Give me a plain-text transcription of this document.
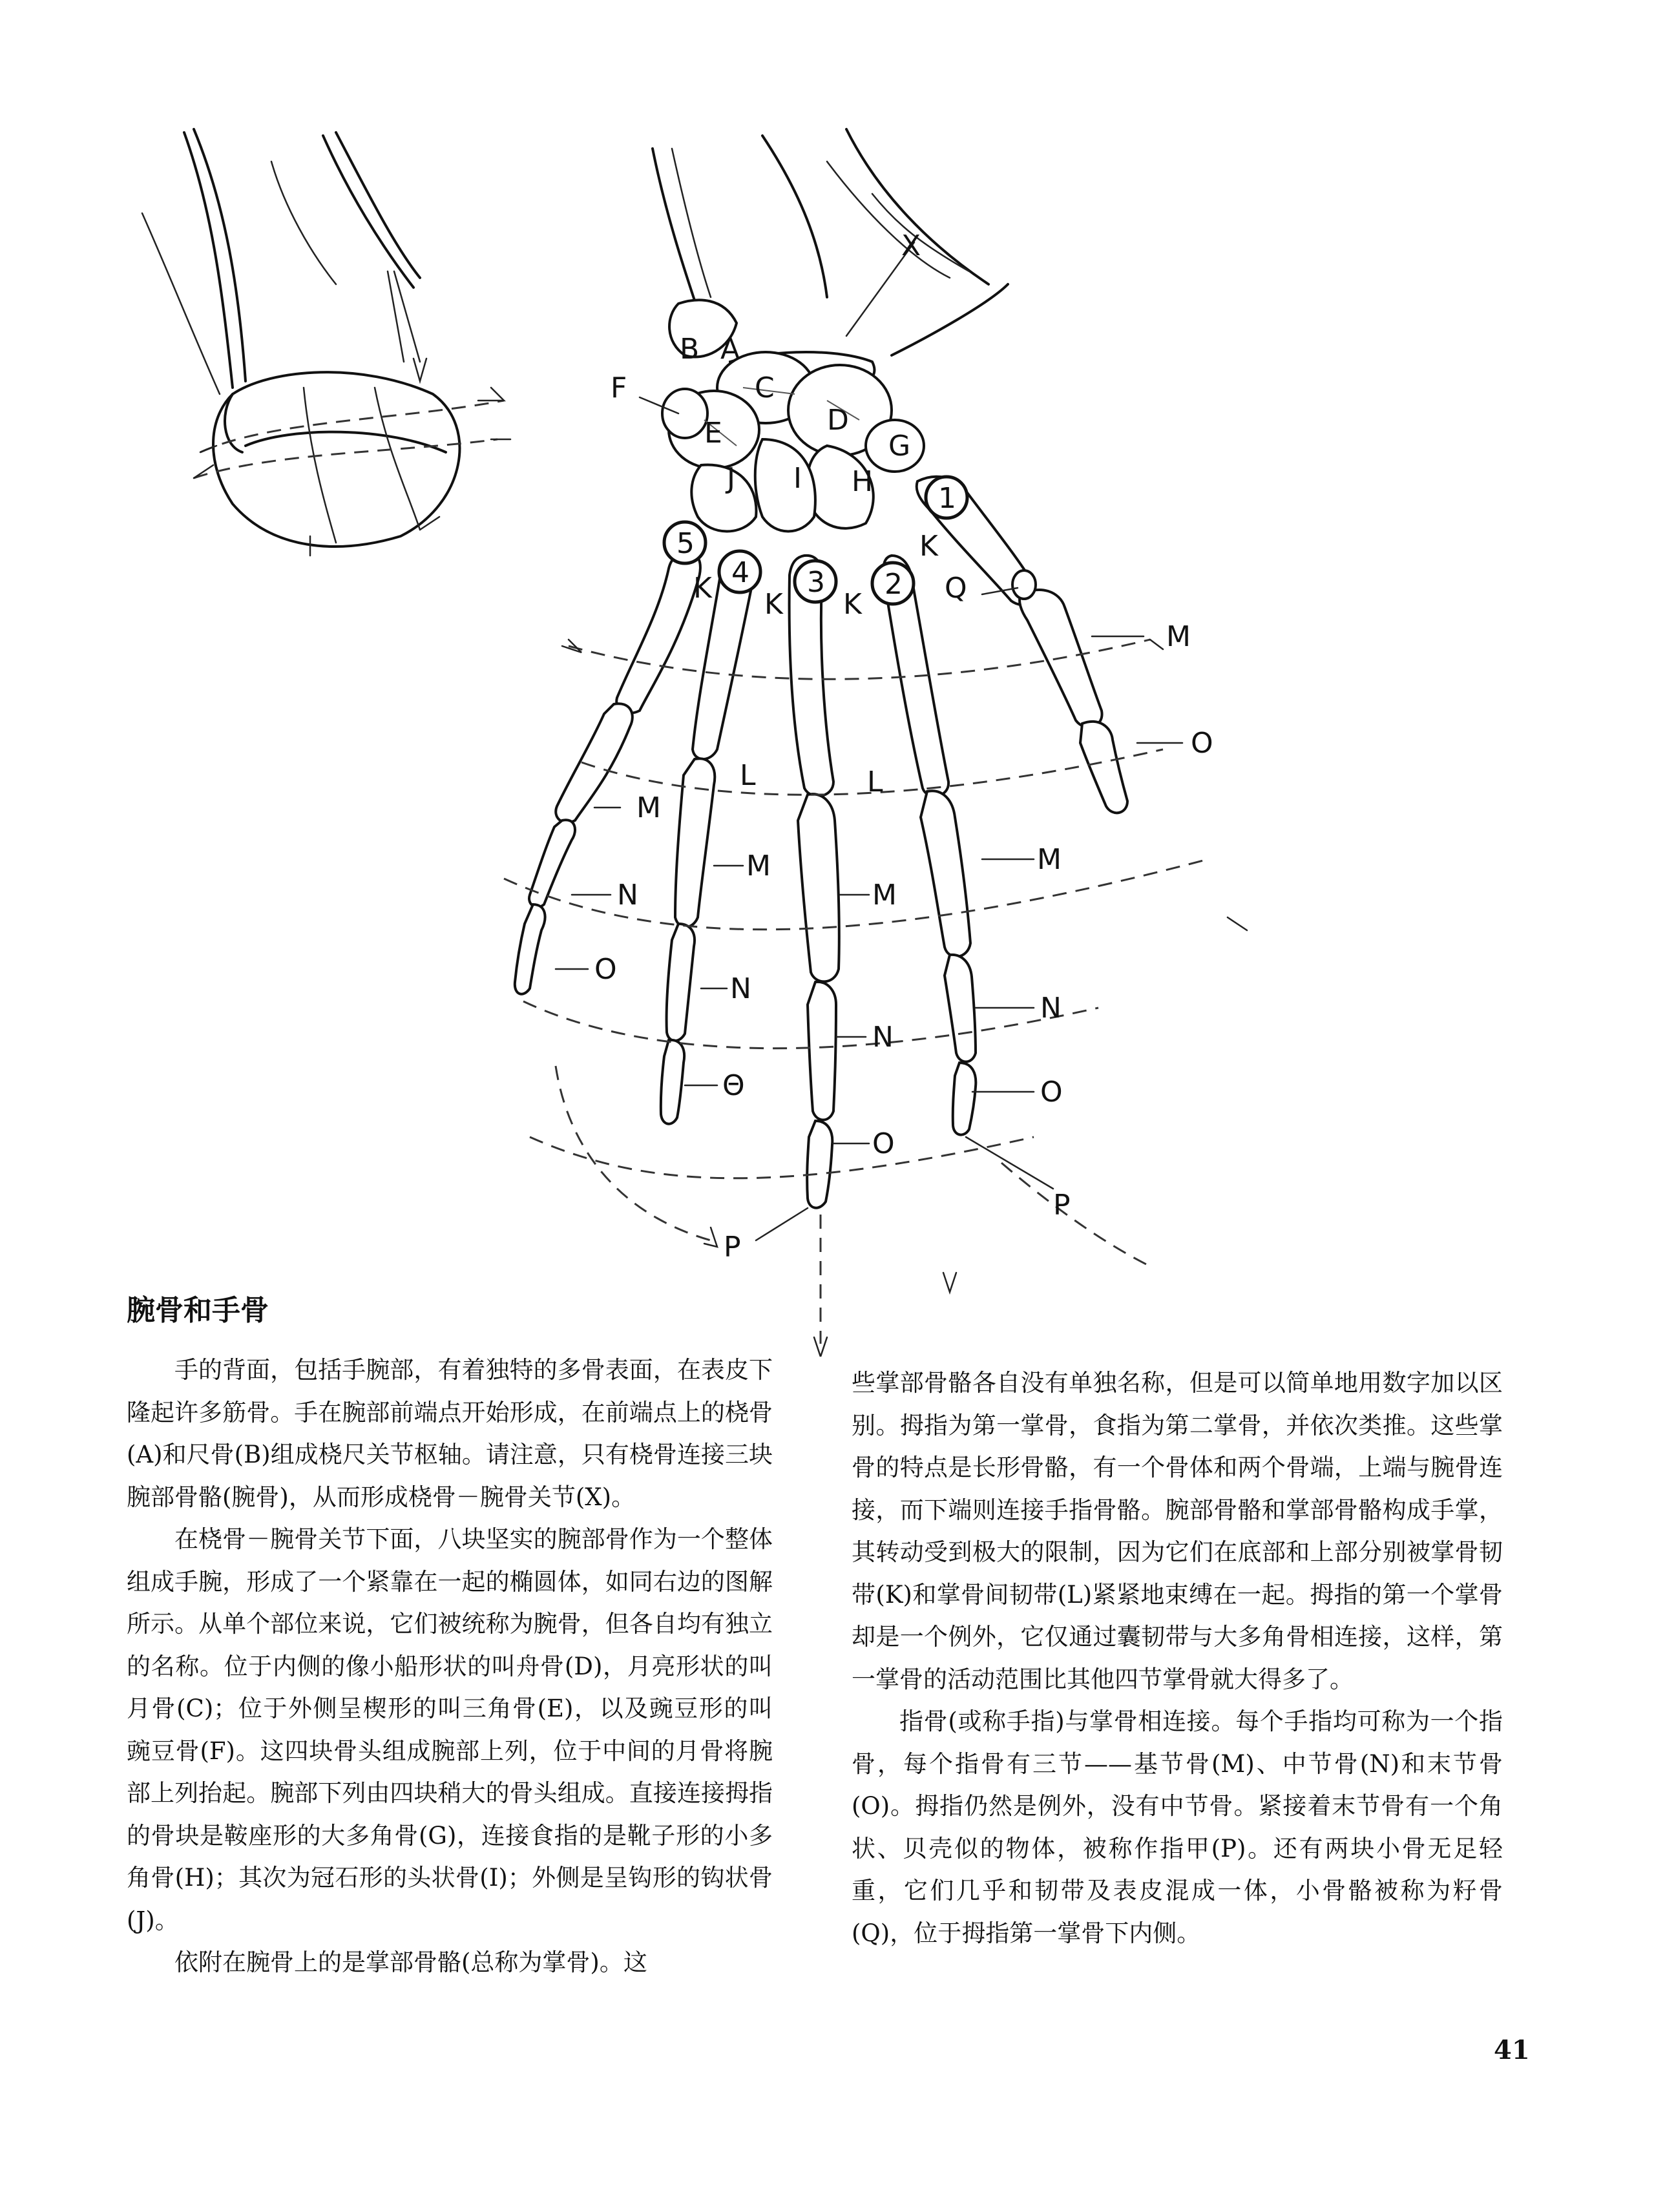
X
B A
C
D
E
F
G
H
I
J
5
4 3 2
1
K
K K K	Q
M
O
L	L
M
M
M
M
N
N
N
N
O
Θ
O
O
P
P
腕骨和手骨

手的背面，包括手腕部，有着独特的多骨表面，在表皮下隆起许多筋骨。手在腕部前端点开始形成，在前端点上的桡骨(A)和尺骨(B)组成桡尺关节枢轴。请注意，只有桡骨连接三块腕部骨骼(腕骨)，从而形成桡骨－腕骨关节(X)。

在桡骨－腕骨关节下面，八块坚实的腕部骨作为一个整体组成手腕，形成了一个紧靠在一起的椭圆体，如同右边的图解所示。从单个部位来说，它们被统称为腕骨，但各自均有独立的名称。位于内侧的像小船形状的叫舟骨(D)，月亮形状的叫月骨(C)；位于外侧呈楔形的叫三角骨(E)，以及豌豆形的叫豌豆骨(F)。这四块骨头组成腕部上列，位于中间的月骨将腕部上列抬起。腕部下列由四块稍大的骨头组成。直接连接拇指的骨块是鞍座形的大多角骨(G)，连接食指的是靴子形的小多角骨(H)；其次为冠石形的头状骨(I)；外侧是呈钩形的钩状骨(J)。

依附在腕骨上的是掌部骨骼(总称为掌骨)。这

些掌部骨骼各自没有单独名称，但是可以简单地用数字加以区别。拇指为第一掌骨，食指为第二掌骨，并依次类推。这些掌骨的特点是长形骨骼，有一个骨体和两个骨端，上端与腕骨连接，而下端则连接手指骨骼。腕部骨骼和掌部骨骼构成手掌，其转动受到极大的限制，因为它们在底部和上部分别被掌骨韧带(K)和掌骨间韧带(L)紧紧地束缚在一起。拇指的第一个掌骨却是一个例外，它仅通过囊韧带与大多角骨相连接，这样，第一掌骨的活动范围比其他四节掌骨就大得多了。

指骨(或称手指)与掌骨相连接。每个手指均可称为一个指骨，每个指骨有三节——基节骨(M)、中节骨(N)和末节骨(O)。拇指仍然是例外，没有中节骨。紧接着末节骨有一个角状、贝壳似的物体，被称作指甲(P)。还有两块小骨无足轻重，它们几乎和韧带及表皮混成一体，小骨骼被称为籽骨(Q)，位于拇指第一掌骨下内侧。

41
